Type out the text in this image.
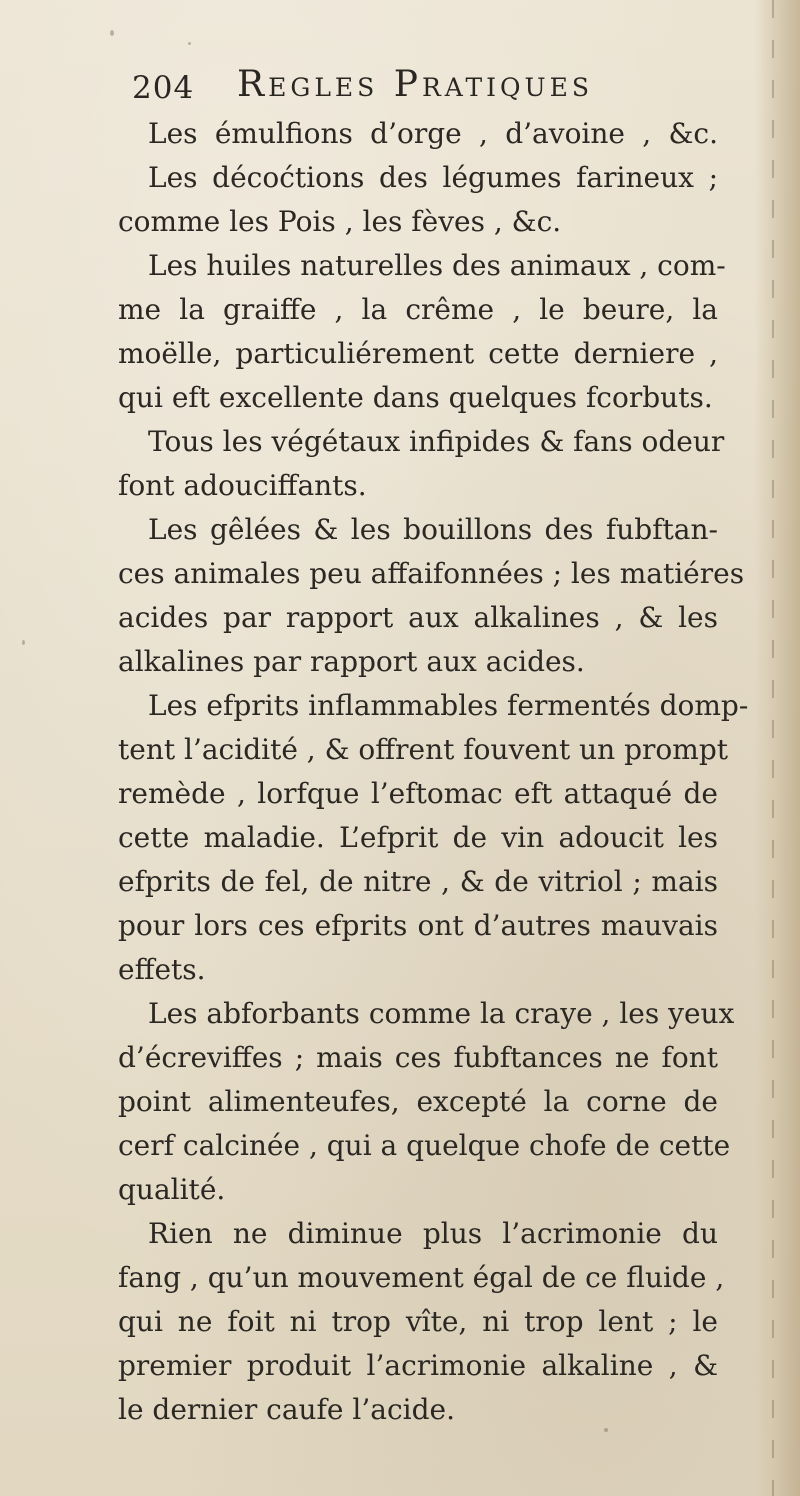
204 Regles Pratiques
Les émulfions d’orge , d’avoine , &c.
Les décoćtions des légumes farineux ;
comme les Pois , les fèves , &c.
Les huiles naturelles des animaux , com-
me la graiffe , la crême , le beure, la
moëlle, particuliérement cette derniere ,
qui eft excellente dans quelques fcorbuts.
Tous les végétaux infipides & fans odeur
font adouciffants.
Les gêlées & les bouillons des fubftan-
ces animales peu affaifonnées ; les matiéres
acides par rapport aux alkalines , & les
alkalines par rapport aux acides.
Les efprits inflammables fermentés domp-
tent l’acidité , & offrent fouvent un prompt
remède , lorfque l’eftomac eft attaqué de
cette maladie. L’efprit de vin adoucit les
efprits de fel, de nitre , & de vitriol ; mais
pour lors ces efprits ont d’autres mauvais
effets.
Les abforbants comme la craye , les yeux
d’écreviffes ; mais ces fubftances ne font
point alimenteufes, excepté la corne de
cerf calcinée , qui a quelque chofe de cette
qualité.
Rien ne diminue plus l’acrimonie du
fang , qu’un mouvement égal de ce fluide ,
qui ne foit ni trop vîte, ni trop lent ; le
premier produit l’acrimonie alkaline , &
le dernier caufe l’acide.
